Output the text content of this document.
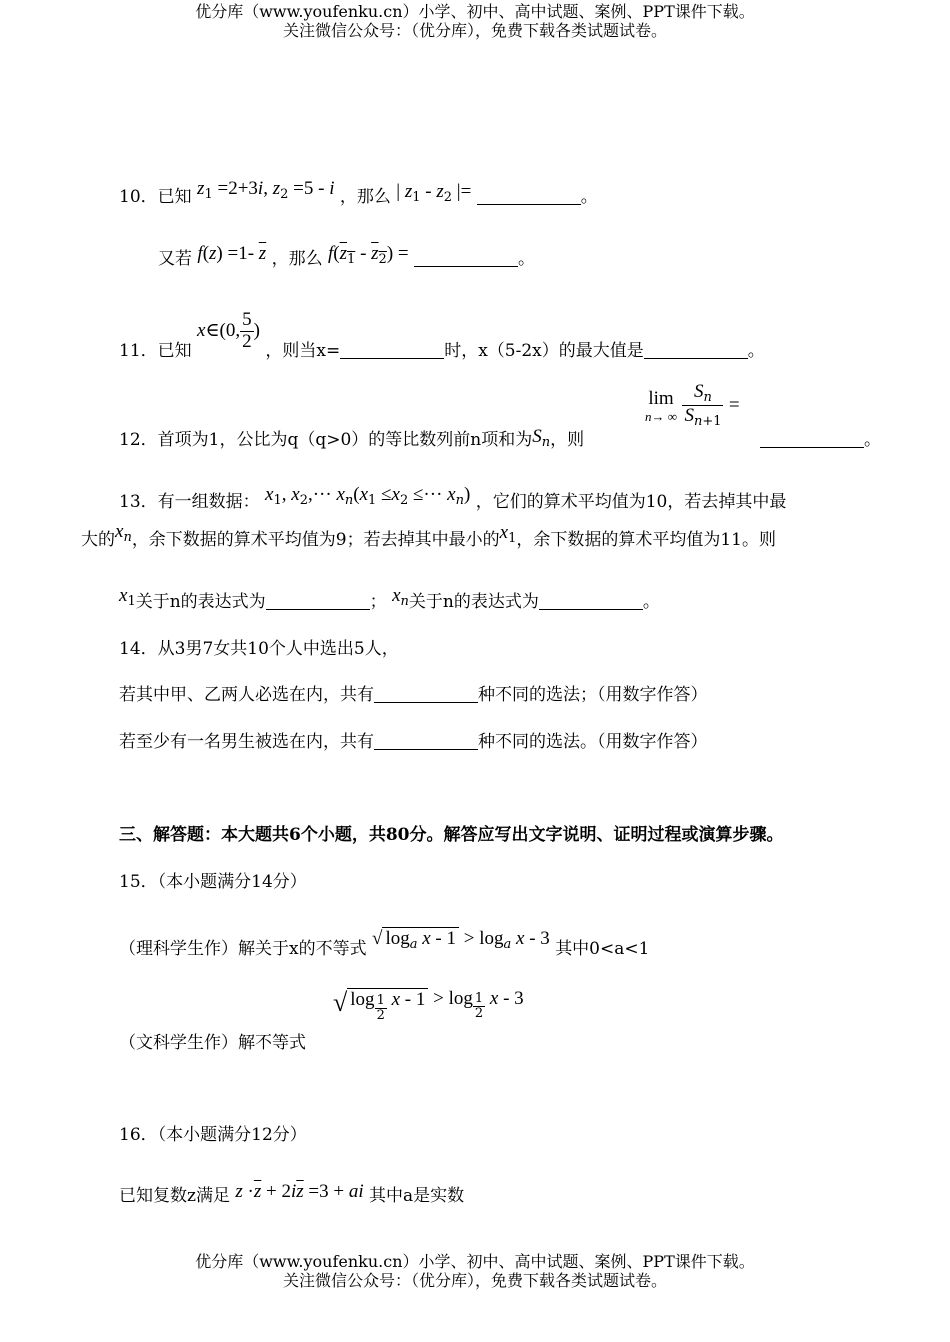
优分库（www.youfenku.cn）小学、初中、高中试题、案例、PPT课件下载。
关注微信公众号：（优分库），免费下载各类试题试卷。
10．已知 $z_1 =2+3i$, $z_2 =5 - i$ ，那么 | $z_1 - z_2$ |=	。
又若 f(z) =1- $\overline{z}$ ，那么 $f(z_1 - z_2)$ =	。
11．已知 x∈(0, $\frac{5}{2}$ ) ，则当x=	时，x（5-2x）的最大值是	。
12．首项为1，公比为q（q>0）的等比数列前n项和为$S_n$，则
lim
n→ ∞
$\frac{S_n}{S_{n+1}}$ =
。
13．有一组数据： $x_1$, $x_2,\cdot\cdot\cdot x_n(x_1 \le x_2$ ≤··· $x_n$) ，它们的算术平均值为10，若去掉其中最
大的$x_n$，余下数据的算术平均值为9；若去掉其中最小的$x_1$，余下数据的算术平均值为11。则
$x_1$关于n的表达式为	； $x_n$关于n的表达式为	。
14．从3男7女共10个人中选出5人，
若其中甲、乙两人必选在内，共有	种不同的选法；（用数字作答）
若至少有一名男生被选在内，共有	种不同的选法。（用数字作答）
三、解答题：本大题共6个小题，共80分。解答应写出文字说明、证明过程或演算步骤。
15．（本小题满分14分）
（理科学生作）解关于x的不等式 √ $\log_a x - 1 > \log_a x - 3$ 其中0<a<1
（文科学生作）解不等式
√ $\log \frac{1}{2}$ $x - 1 > \log \frac{1}{2}$ x - 3
16．（本小题满分12分）
已知复数z满足 $z \cdot\overline{z} + 2i\overline{z} =3$ + ai 其中a是实数
优分库（www.youfenku.cn）小学、初中、高中试题、案例、PPT课件下载。
关注微信公众号：（优分库），免费下载各类试题试卷。
